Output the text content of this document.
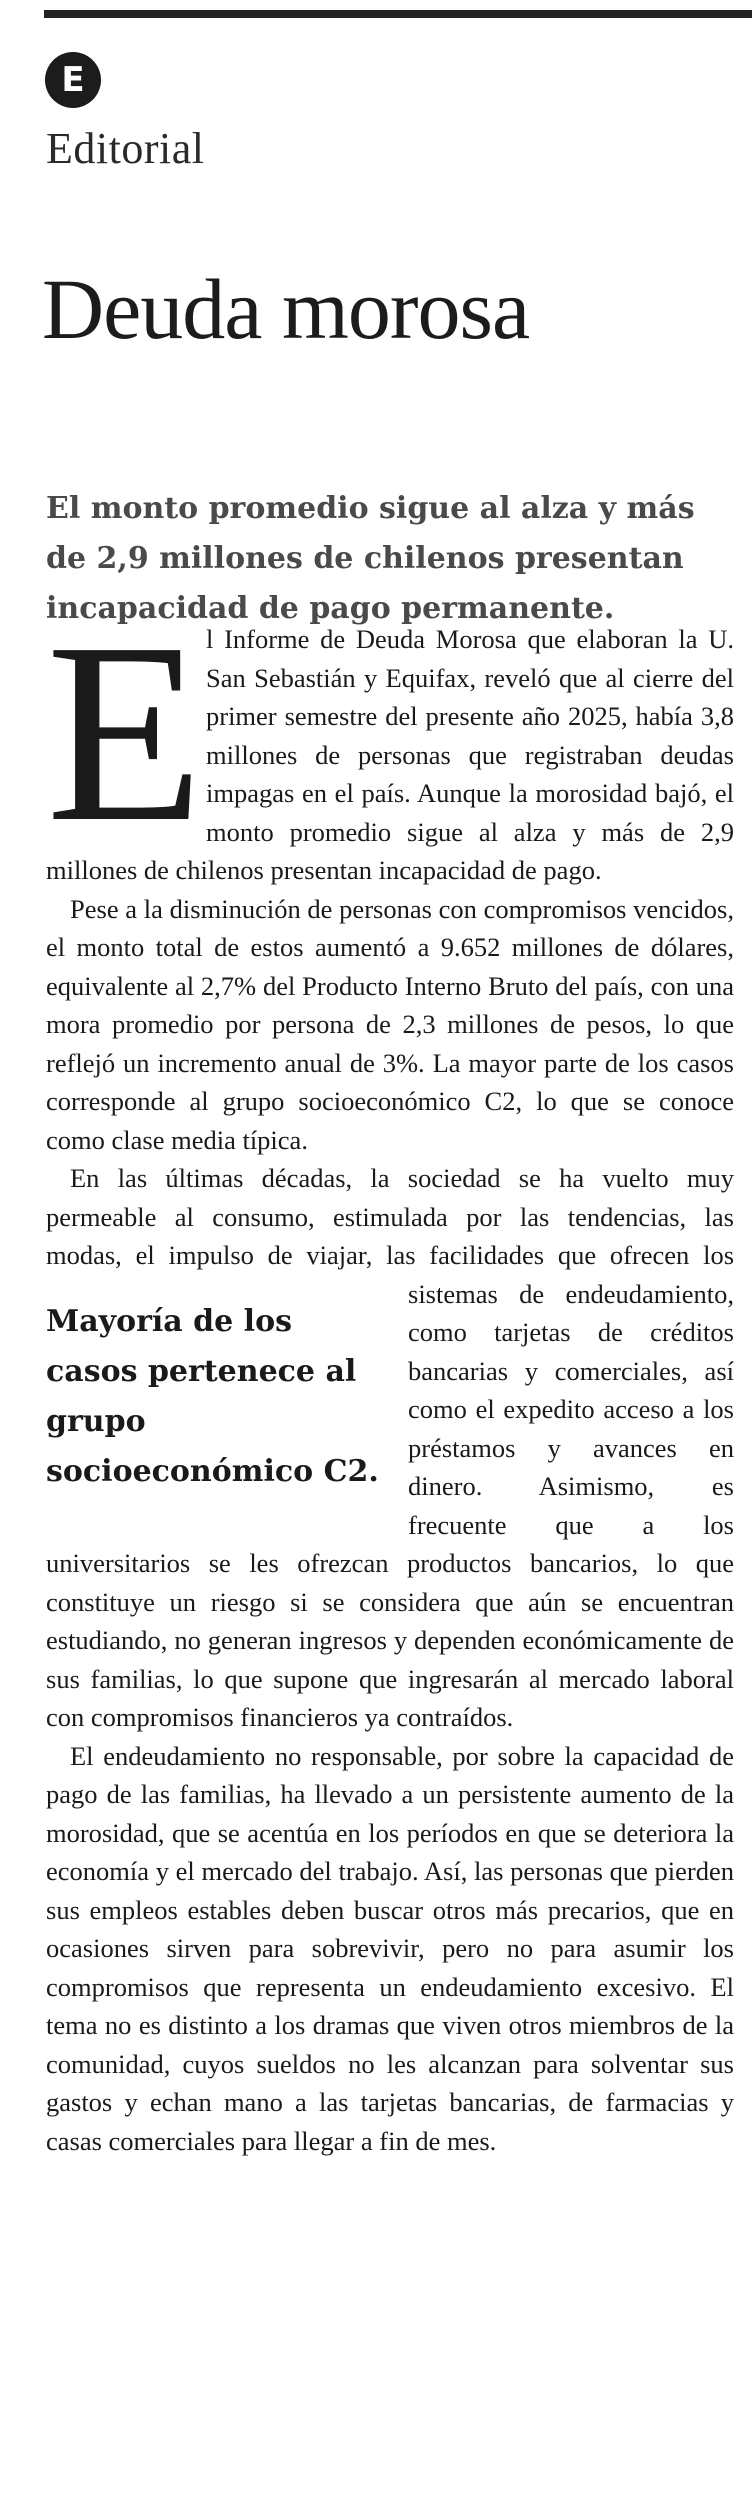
E
Editorial
Deuda morosa

El monto promedio sigue al alza y más de 2,9 millones de chilenos presentan incapacidad de pago permanente.

El Informe de Deuda Morosa que elaboran la U. San Sebastián y Equifax, reveló que al cierre del primer semestre del presente año 2025, había 3,8 millones de personas que registraban deudas impagas en el país. Aunque la morosidad bajó, el monto promedio sigue al alza y más de 2,9 millones de chilenos presentan incapacidad de pago.

Pese a la disminución de personas con compromisos vencidos, el monto total de estos aumentó a 9.652 millones de dólares, equivalente al 2,7% del Producto Interno Bruto del país, con una mora promedio por persona de 2,3 millones de pesos, lo que reflejó un incremento anual de 3%. La mayor parte de los casos corresponde al grupo socioeconómico C2, lo que se conoce como clase media típica.

En las últimas décadas, la sociedad se ha vuelto muy permeable al consumo, estimulada por las tendencias, las modas, el impulso de viajar, las facilidades
Mayoría de los casos pertenece al grupo socioeconómico C2.
que ofrecen los sistemas de endeudamiento, como tarjetas de créditos bancarias y comerciales, así como el expedito acceso a los préstamos y avances en dinero. Asimismo, es frecuente que a los universitarios se les ofrezcan productos bancarios, lo que constituye un riesgo si se considera que aún se encuentran estudiando, no generan ingresos y dependen económicamente de sus familias, lo que supone que ingresarán al mercado laboral con compromisos financieros ya contraídos.

El endeudamiento no responsable, por sobre la capacidad de pago de las familias, ha llevado a un persistente aumento de la morosidad, que se acentúa en los períodos en que se deteriora la economía y el mercado del trabajo. Así, las personas que pierden sus empleos estables deben buscar otros más precarios, que en ocasiones sirven para sobrevivir, pero no para asumir los compromisos que representa un endeudamiento excesivo. El tema no es distinto a los dramas que viven otros miembros de la comunidad, cuyos sueldos no les alcanzan para solventar sus gastos y echan mano a las tarjetas bancarias, de farmacias y casas comerciales para llegar a fin de mes.
